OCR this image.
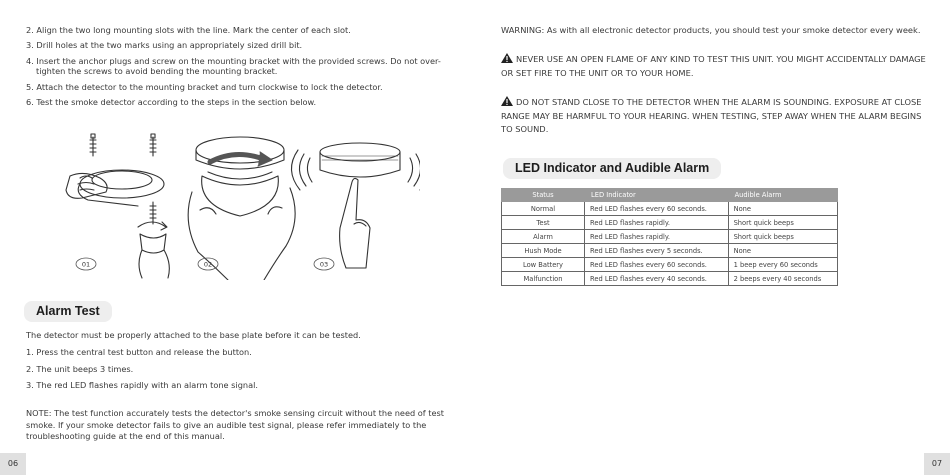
2. Align the two long mounting slots with the line. Mark the center of each slot.
3. Drill holes at the two marks using an appropriately sized drill bit.
4. Insert the anchor plugs and screw on the mounting bracket with the provided screws. Do not over-tighten the screws to avoid bending the mounting bracket.
5. Attach the detector to the mounting bracket and turn clockwise to lock the detector.
6. Test the smoke detector according to the steps in the section below.
01	02	03
Alarm Test

The detector must be properly attached to the base plate before it can be tested.

1. Press the central test button and release the button.

2. The unit beeps 3 times.

3. The red LED flashes rapidly with an alarm tone signal.

NOTE: The test function accurately tests the detector's smoke sensing circuit without the need of test smoke. If your smoke detector fails to give an audible test signal, please refer immediately to the troubleshooting guide at the end of this manual.

06

WARNING: As with all electronic detector products, you should test your smoke detector every week.

NEVER USE AN OPEN FLAME OF ANY KIND TO TEST THIS UNIT. YOU MIGHT ACCIDENTALLY DAMAGE OR SET FIRE TO THE UNIT OR TO YOUR HOME.

DO NOT STAND CLOSE TO THE DETECTOR WHEN THE ALARM IS SOUNDING. EXPOSURE AT CLOSE RANGE MAY BE HARMFUL TO YOUR HEARING. WHEN TESTING, STEP AWAY WHEN THE ALARM BEGINS TO SOUND.

LED Indicator and Audible Alarm
Status	LED Indicator	Audible Alarm
Normal	Red LED flashes every 60 seconds.	None
Test	Red LED flashes rapidly.	Short quick beeps
Alarm	Red LED flashes rapidly.	Short quick beeps
Hush Mode	Red LED flashes every 5 seconds.	None
Low Battery	Red LED flashes every 60 seconds.	1 beep every 60 seconds
Malfunction	Red LED flashes every 40 seconds.	2 beeps every 40 seconds
07
